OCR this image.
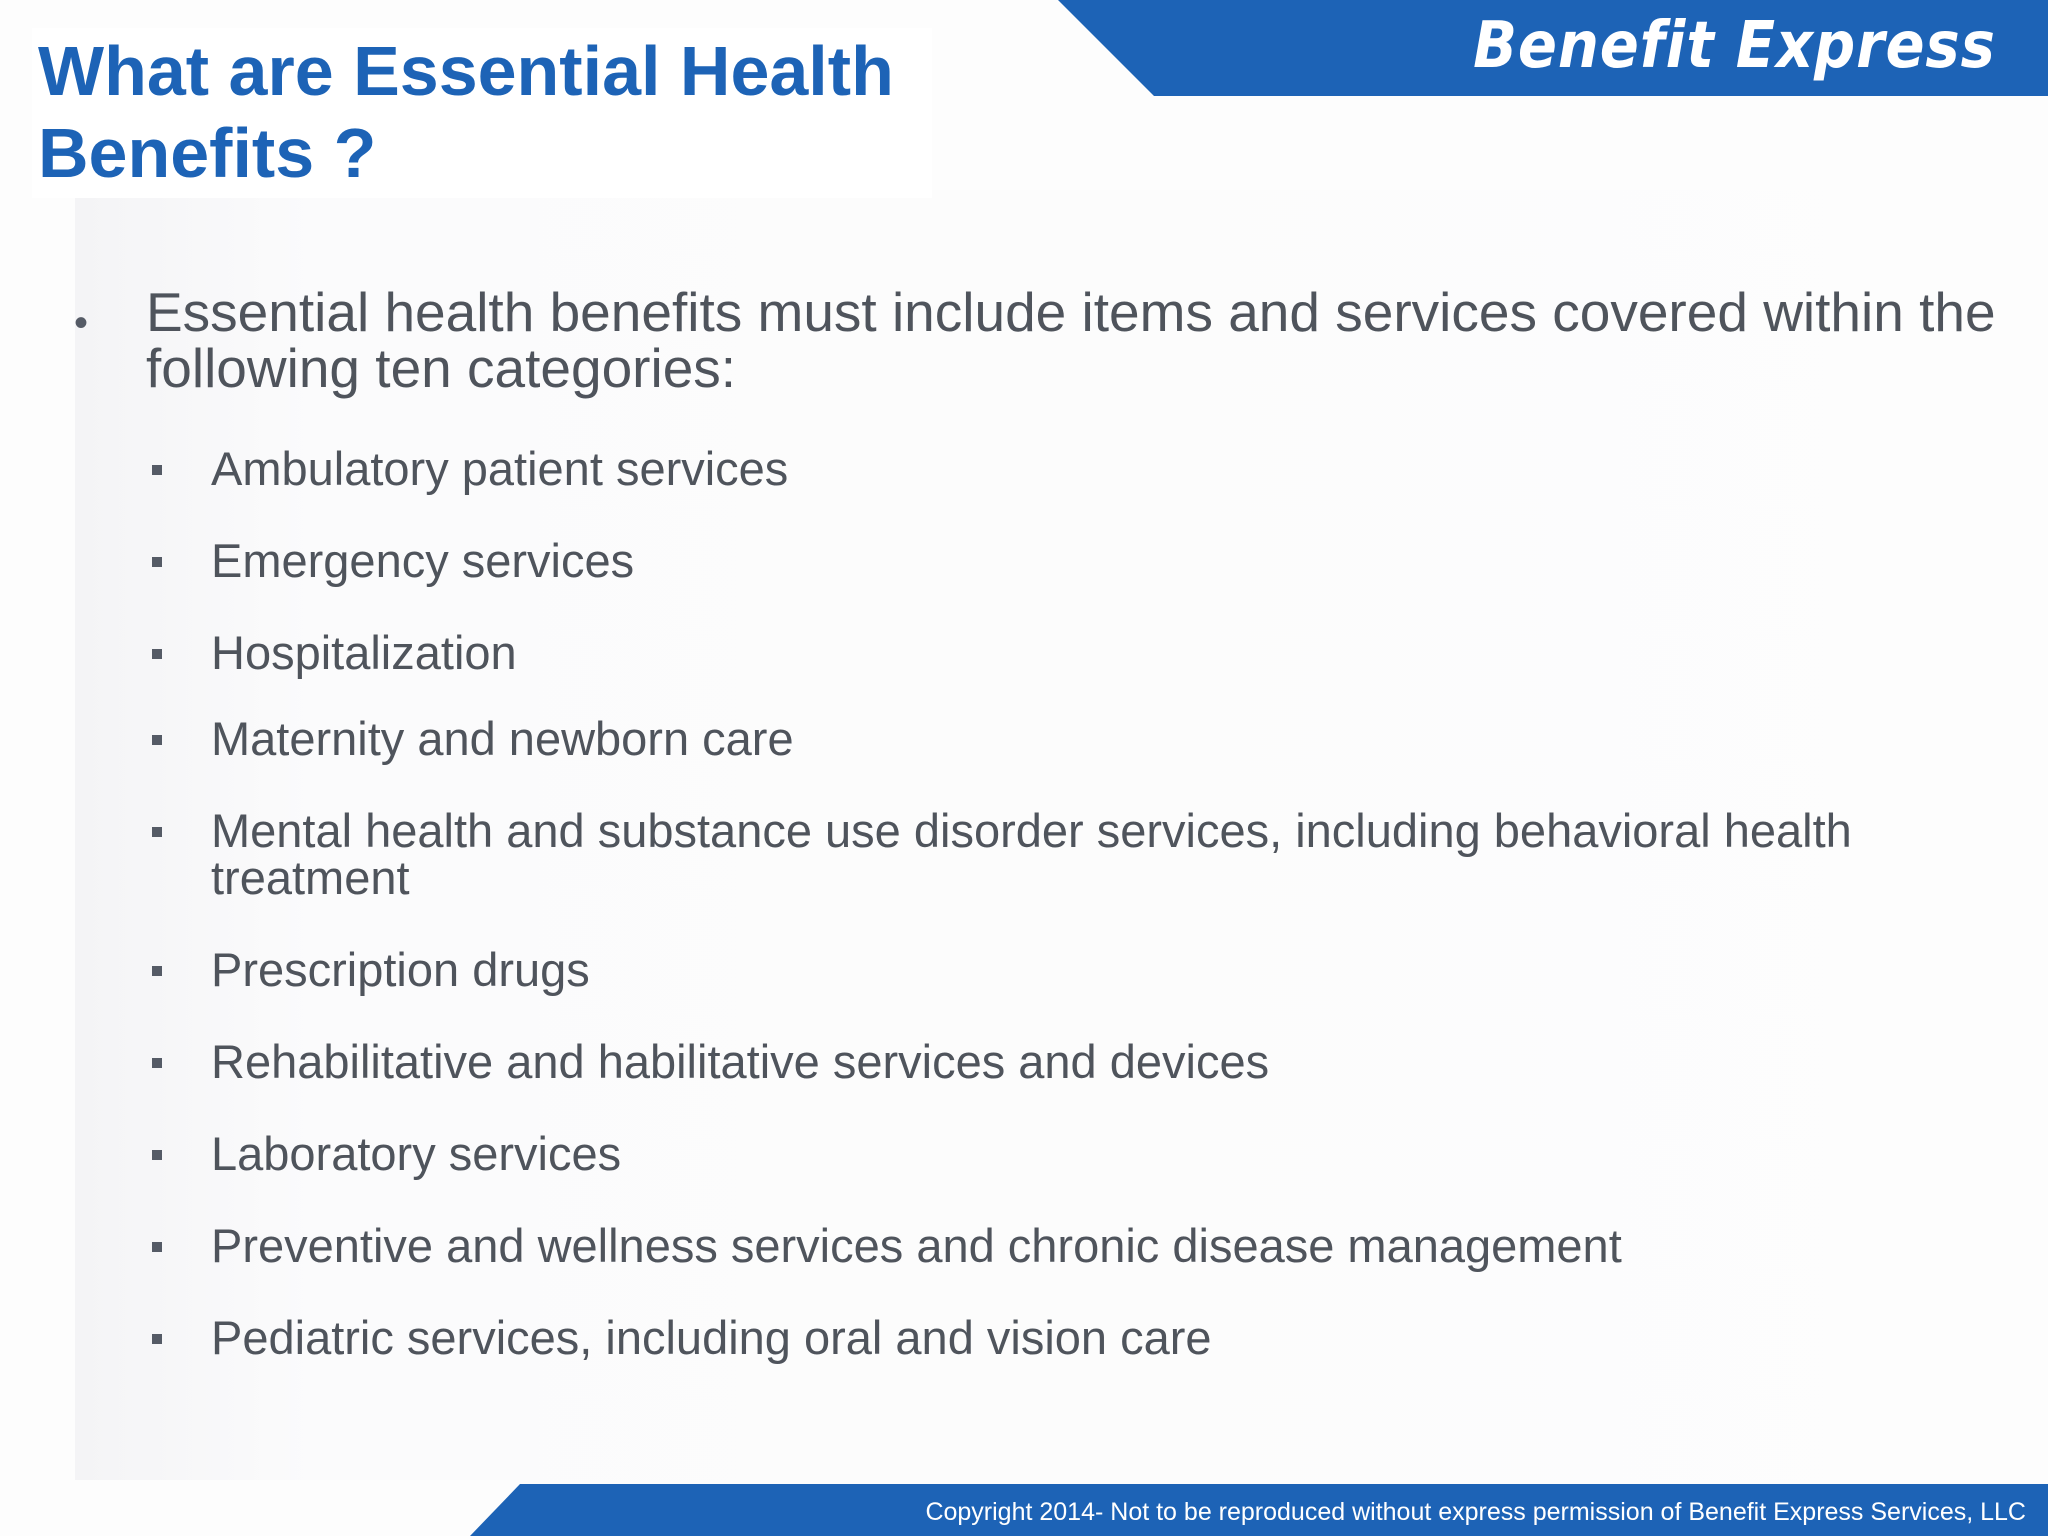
Benefit Express
What are Essential Health
Benefits ?
• Essential health benefits must include items and services covered within the following ten categories:

Ambulatory patient services

Emergency services

Hospitalization

Maternity and newborn care

Mental health and substance use disorder services, including behavioral health treatment

Prescription drugs

Rehabilitative and habilitative services and devices

Laboratory services

Preventive and wellness services and chronic disease management

Pediatric services, including oral and vision care

Copyright 2014- Not to be reproduced without express permission of Benefit Express Services, LLC
